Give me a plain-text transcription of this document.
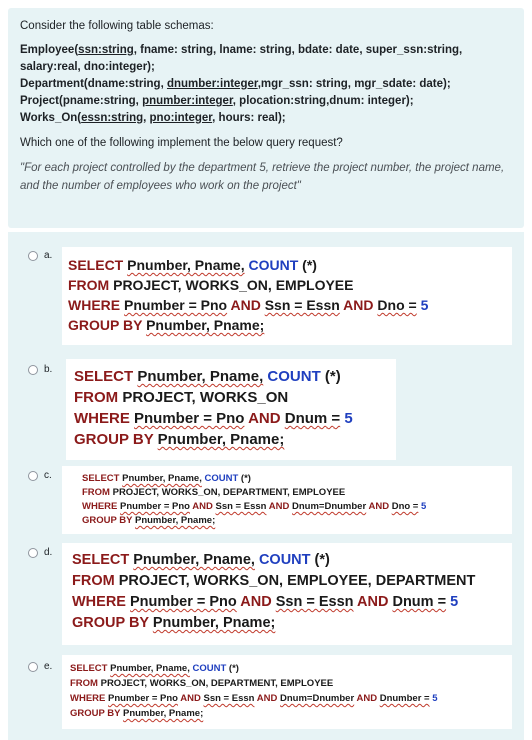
Consider the following table schemas:
Employee(ssn:string, fname: string, lname: string, bdate: date, super_ssn:string,
salary:real, dno:integer);
Department(dname:string, dnumber:integer,mgr_ssn: string, mgr_sdate: date);
Project(pname:string, pnumber:integer, plocation:string,dnum: integer);
Works_On(essn:string, pno:integer, hours: real);
Which one of the following implement the below query request?
"For each project controlled by the department 5, retrieve the project number, the project name, and the number of employees who work on the project"
a.
SELECT Pnumber, Pname, COUNT (*)
FROM PROJECT, WORKS_ON, EMPLOYEE
WHERE Pnumber = Pno AND Ssn = Essn AND Dno = 5
GROUP BY Pnumber, Pname;
b. SELECT Pnumber, Pname, COUNT (*)
FROM PROJECT, WORKS_ON
WHERE Pnumber = Pno AND Dnum = 5
GROUP BY Pnumber, Pname;
c.	SELECT Pnumber, Pname, COUNT (*)
FROM PROJECT, WORKS_ON, DEPARTMENT, EMPLOYEE
WHERE Pnumber = Pno AND Ssn = Essn AND Dnum=Dnumber AND Dno = 5
GROUP BY Pnumber, Pname;
d. SELECT Pnumber, Pname, COUNT (*)
FROM PROJECT, WORKS_ON, EMPLOYEE, DEPARTMENT
WHERE Pnumber = Pno AND Ssn = Essn AND Dnum = 5
GROUP BY Pnumber, Pname;
e. SELECT Pnumber, Pname, COUNT (*)
FROM PROJECT, WORKS_ON, DEPARTMENT, EMPLOYEE
WHERE Pnumber = Pno AND Ssn = Essn AND Dnum=Dnumber AND Dnumber = 5
GROUP BY Pnumber, Pname;
